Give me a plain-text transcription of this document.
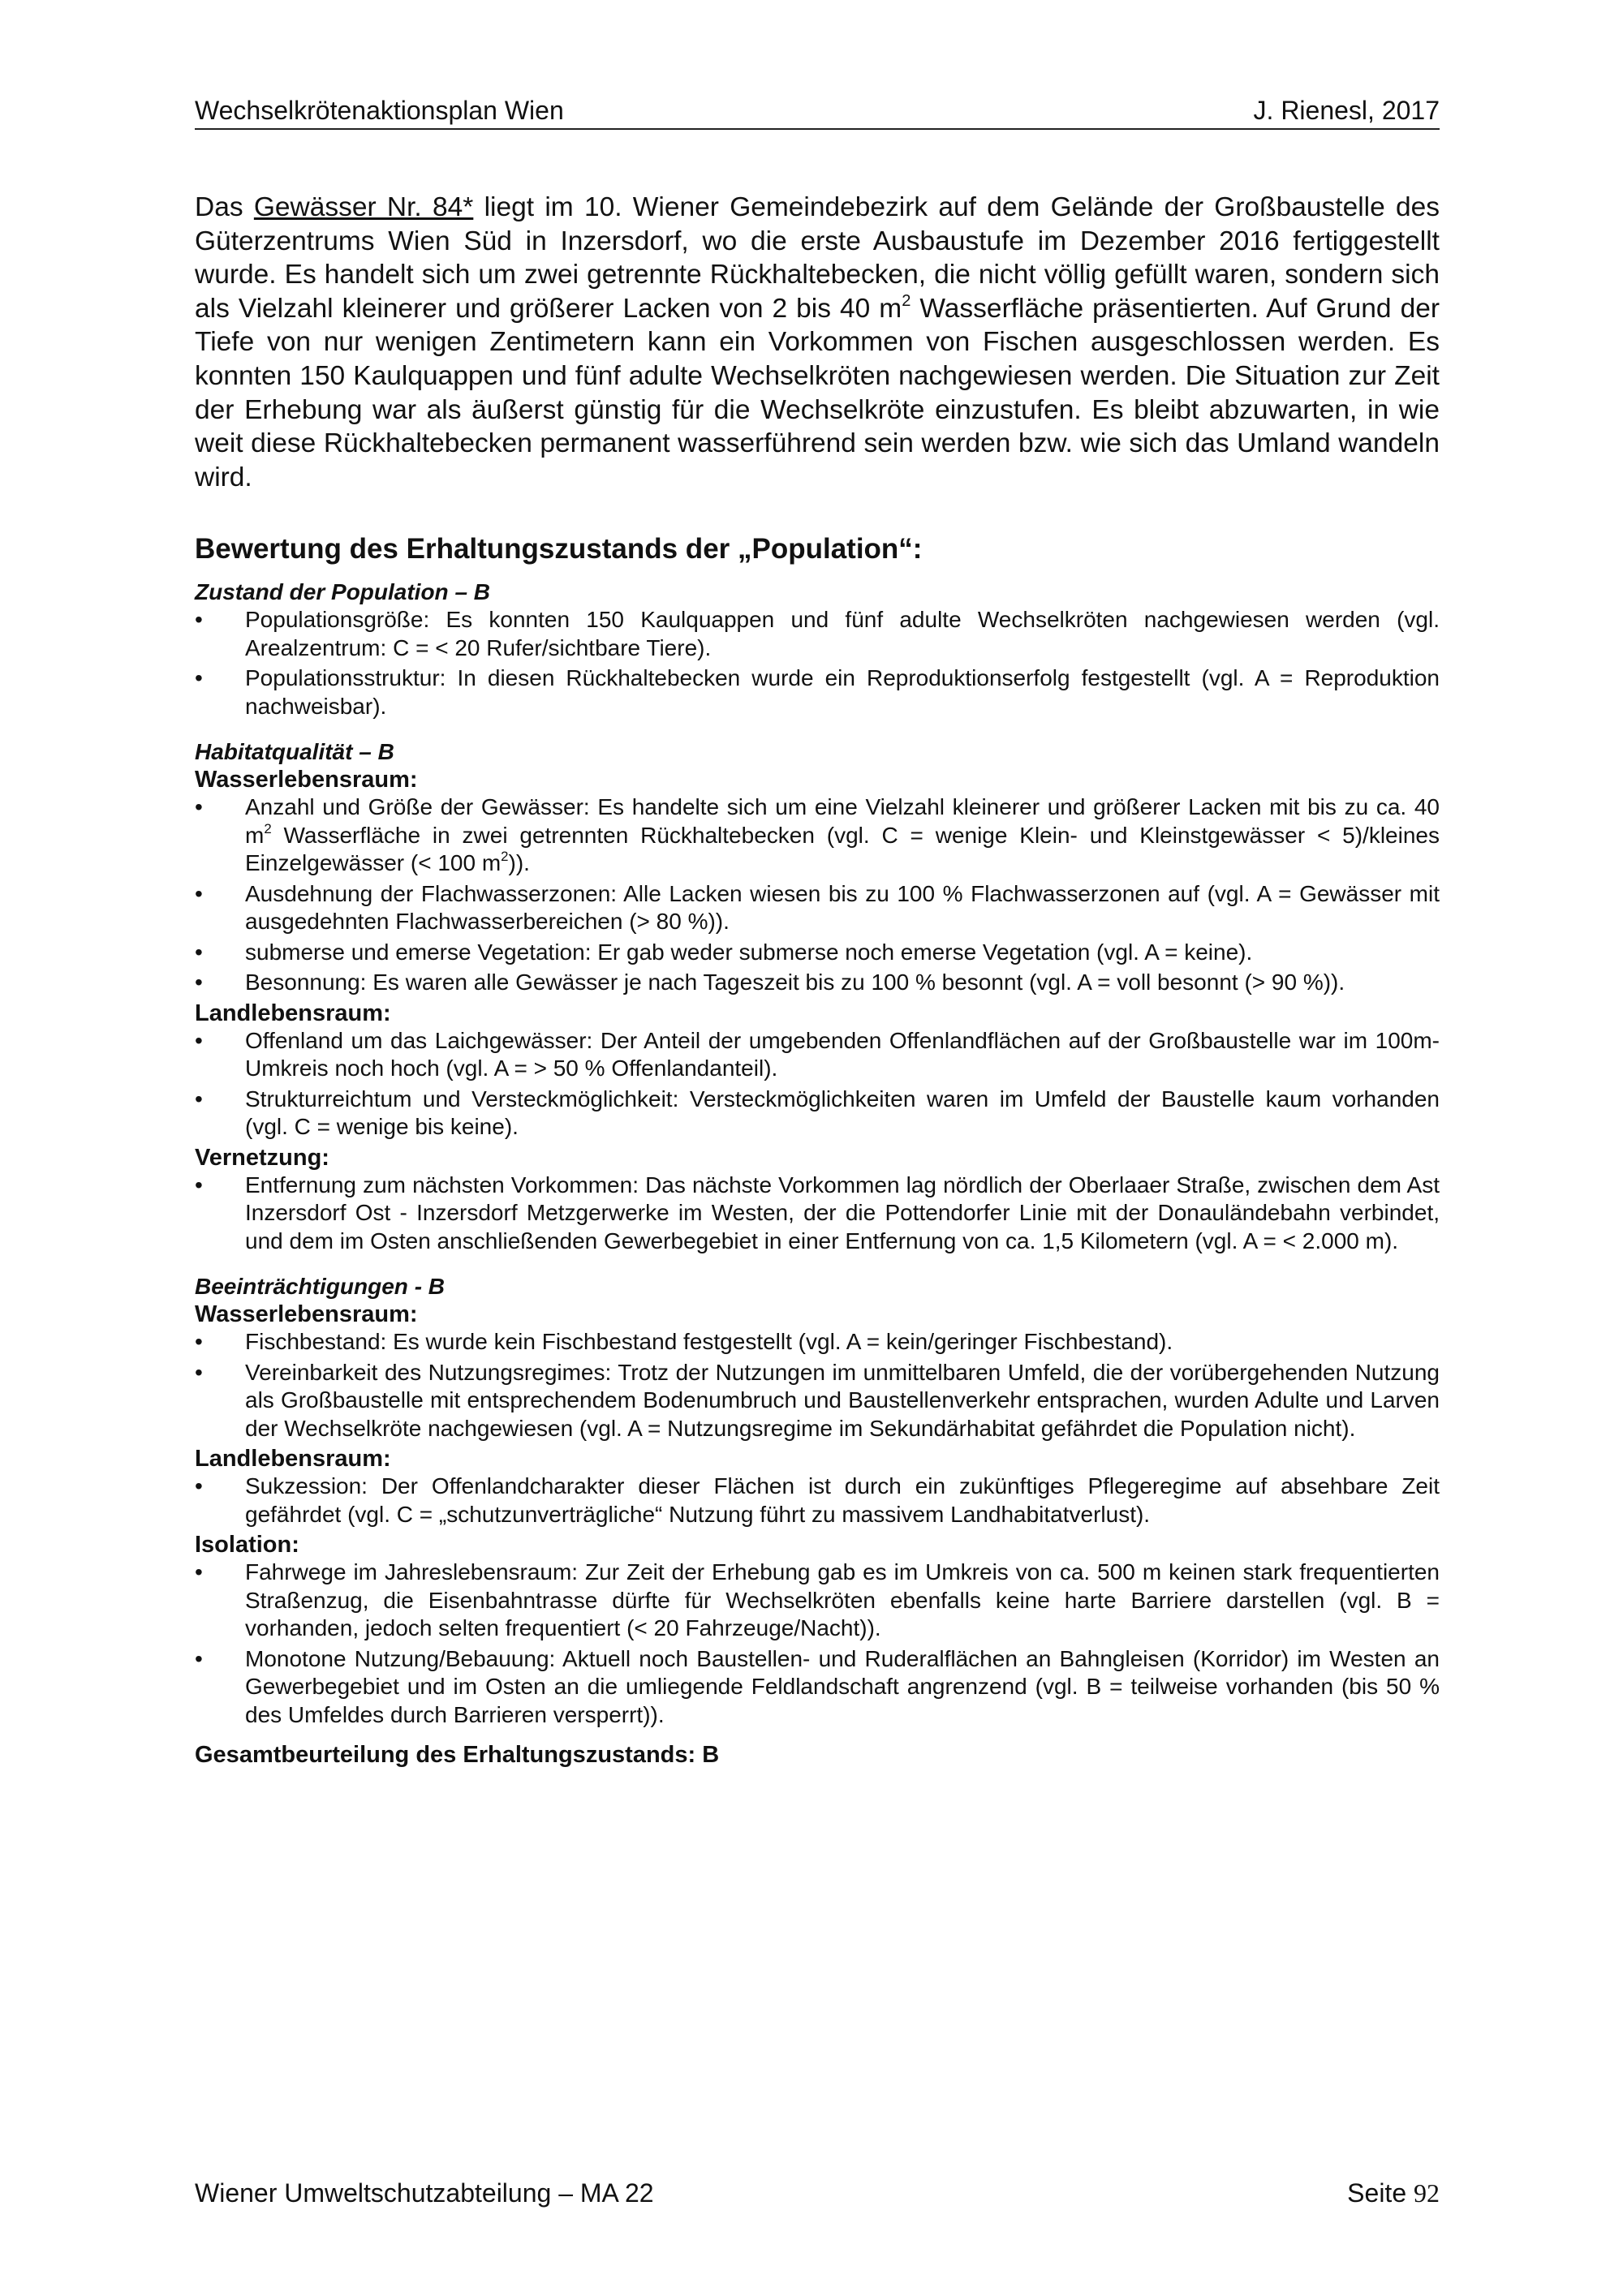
Wechselkrötenaktionsplan Wien	J. Rienesl, 2017

Das Gewässer Nr. 84* liegt im 10. Wiener Gemeindebezirk auf dem Gelände der Großbaustelle des Güterzentrums Wien Süd in Inzersdorf, wo die erste Ausbaustufe im Dezember 2016 fertiggestellt wurde. Es handelt sich um zwei getrennte Rückhaltebecken, die nicht völlig gefüllt waren, sondern sich als Vielzahl kleinerer und größerer Lacken von 2 bis 40 $m^2$ Wasserfläche präsentierten. Auf Grund der Tiefe von nur wenigen Zentimetern kann ein Vorkommen von Fischen ausgeschlossen werden. Es konnten 150 Kaulquappen und fünf adulte Wechselkröten nachgewiesen werden. Die Situation zur Zeit der Erhebung war als äußerst günstig für die Wechselkröte einzustufen. Es bleibt abzuwarten, in wie weit diese Rückhaltebecken permanent wasserführend sein werden bzw. wie sich das Umland wandeln wird.

Bewertung des Erhaltungszustands der „Population“:
Zustand der Population – B
• Populationsgröße: Es konnten 150 Kaulquappen und fünf adulte Wechselkröten nachgewiesen werden (vgl. Arealzentrum: C = < 20 Rufer/sichtbare Tiere).
• Populationsstruktur: In diesen Rückhaltebecken wurde ein Reproduktionserfolg festgestellt (vgl. A = Reproduktion nachweisbar).
Habitatqualität – B
Wasserlebensraum:
• Anzahl und Größe der Gewässer: Es handelte sich um eine Vielzahl kleinerer und größerer Lacken mit bis zu ca. 40 $m^2$ Wasserfläche in zwei getrennten Rückhaltebecken (vgl. C = wenige Klein- und Kleinstgewässer < 5)/kleines Einzelgewässer (< 100 $m^2$)).
• Ausdehnung der Flachwasserzonen: Alle Lacken wiesen bis zu 100 % Flachwasserzonen auf (vgl. A = Gewässer mit ausgedehnten Flachwasserbereichen (> 80 %)).
• submerse und emerse Vegetation: Er gab weder submerse noch emerse Vegetation (vgl. A = keine).
• Besonnung: Es waren alle Gewässer je nach Tageszeit bis zu 100 % besonnt (vgl. A = voll besonnt (> 90 %)).
Landlebensraum:
• Offenland um das Laichgewässer: Der Anteil der umgebenden Offenlandflächen auf der Großbaustelle war im 100m-Umkreis noch hoch (vgl. A = > 50 % Offenlandanteil).
• Strukturreichtum und Versteckmöglichkeit: Versteckmöglichkeiten waren im Umfeld der Baustelle kaum vorhanden (vgl. C = wenige bis keine).
Vernetzung:
• Entfernung zum nächsten Vorkommen: Das nächste Vorkommen lag nördlich der Oberlaaer Straße, zwischen dem Ast Inzersdorf Ost - Inzersdorf Metzgerwerke im Westen, der die Pottendorfer Linie mit der Donauländebahn verbindet, und dem im Osten anschließenden Gewerbegebiet in einer Entfernung von ca. 1,5 Kilometern (vgl. A = < 2.000 m).
Beeinträchtigungen - B
Wasserlebensraum:
• Fischbestand: Es wurde kein Fischbestand festgestellt (vgl. A = kein/geringer Fischbestand).
• Vereinbarkeit des Nutzungsregimes: Trotz der Nutzungen im unmittelbaren Umfeld, die der vorübergehenden Nutzung als Großbaustelle mit entsprechendem Bodenumbruch und Baustellenverkehr entsprachen, wurden Adulte und Larven der Wechselkröte nachgewiesen (vgl. A = Nutzungsregime im Sekundärhabitat gefährdet die Population nicht).
Landlebensraum:
• Sukzession: Der Offenlandcharakter dieser Flächen ist durch ein zukünftiges Pflegeregime auf absehbare Zeit gefährdet (vgl. C = „schutzunverträgliche“ Nutzung führt zu massivem Landhabitatverlust).
Isolation:
• Fahrwege im Jahreslebensraum: Zur Zeit der Erhebung gab es im Umkreis von ca. 500 m keinen stark frequentierten Straßenzug, die Eisenbahntrasse dürfte für Wechselkröten ebenfalls keine harte Barriere darstellen (vgl. B = vorhanden, jedoch selten frequentiert (< 20 Fahrzeuge/Nacht)).
• Monotone Nutzung/Bebauung: Aktuell noch Baustellen- und Ruderalflächen an Bahngleisen (Korridor) im Westen an Gewerbegebiet und im Osten an die umliegende Feldlandschaft angrenzend (vgl. B = teilweise vorhanden (bis 50 % des Umfeldes durch Barrieren versperrt)).
Gesamtbeurteilung des Erhaltungszustands: B
Wiener Umweltschutzabteilung – MA 22	Seite 92
